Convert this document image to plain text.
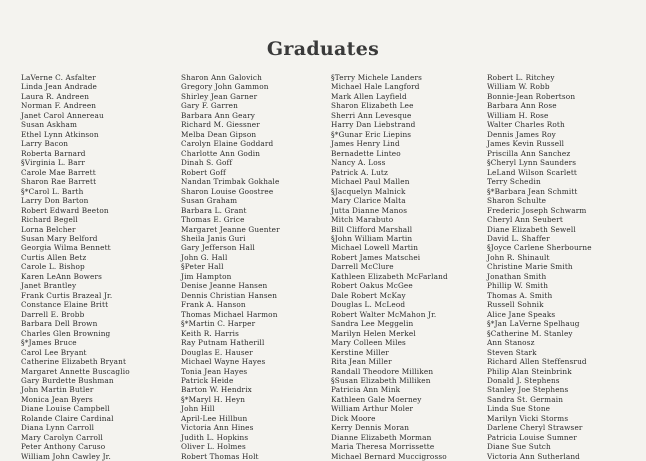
Graduates
LaVerne C. Asfalter
Linda Jean Andrade
Laura R. Andreen
Norman F. Andreen
Janet Carol Annereau
Susan Askham
Ethel Lynn Atkinson
Larry Bacon
Roberta Barnard
§Virginia L. Barr
Carole Mae Barrett
Sharon Rae Barrett
§*Carol L. Barth
Larry Don Barton
Robert Edward Beeton
Richard Begell
Lorna Belcher
Susan Mary Belford
Georgia Wilma Bennett
Curtis Allen Betz
Carole L. Bishop
Karen LeAnn Bowers
Janet Brantley
Frank Curtis Brazeal Jr.
Constance Elaine Britt
Darrell E. Brobb
Barbara Dell Brown
Charles Glen Browning
§*James Bruce
Carol Lee Bryant
Catherine Elizabeth Bryant
Margaret Annette Buscaglio
Gary Burdette Bushman
John Martin Butler
Monica Jean Byers
Diane Louise Campbell
Rolande Claire Cardinal
Diana Lynn Carroll
Mary Carolyn Carroll
Peter Anthony Caruso
William John Cawley Jr.
Sharon Ann Galovich
Gregory John Gammon
Shirley Jean Garner
Gary F. Garren
Barbara Ann Geary
Richard M. Giessner
Melba Dean Gipson
Carolyn Elaine Goddard
Charlotte Ann Godin
Dinah S. Goff
Robert Goff
Nandan Trimbak Gokhale
Sharon Louise Goostree
Susan Graham
Barbara L. Grant
Thomas E. Grice
Margaret Jeanne Guenter
Sheila Janis Guri
Gary Jefferson Hall
John G. Hall
§Peter Hall
Jim Hampton
Denise Jeanne Hansen
Dennis Christian Hansen
Frank A. Hanson
Thomas Michael Harmon
§*Martin C. Harper
Keith R. Harris
Ray Putnam Hatherill
Douglas E. Hauser
Michael Wayne Hayes
Tonia Jean Hayes
Patrick Heide
Barton W. Hendrix
§*Maryl H. Heyn
John Hill
April-Lee Hillbun
Victoria Ann Hines
Judith L. Hopkins
Oliver L. Holmes
Robert Thomas Holt
§Terry Michele Landers
Michael Hale Langford
Mark Allen Layfield
Sharon Elizabeth Lee
Sherri Ann Levesque
Harry Dan Liebstrand
§*Gunar Eric Liepins
James Henry Lind
Bernadette Linteo
Nancy A. Loss
Patrick A. Lutz
Michael Paul Mallen
§Jacquelyn Malnick
Mary Clarice Malta
Jutta Dianne Manos
Mitch Marabuto
Bill Clifford Marshall
§John William Martin
Michael Lowell Martin
Robert James Matschei
Darrell McClure
Kathleen Elizabeth McFarland
Robert Oakus McGee
Dale Robert McKay
Douglas L. McLeod
Robert Walter McMahon Jr.
Sandra Lee Meggelin
Marilyn Helen Merkel
Mary Colleen Miles
Kerstine Miller
Rita Jean Miller
Randall Theodore Milliken
§Susan Elizabeth Milliken
Patricia Ann Mink
Kathleen Gale Moerney
William Arthur Moler
Dick Moore
Kerry Dennis Moran
Dianne Elizabeth Morman
Maria Theresa Morrissette
Michael Bernard Muccigrosso
Robert L. Ritchey
William W. Robb
Bonnie-Jean Robertson
Barbara Ann Rose
William H. Rose
Walter Charles Roth
Dennis James Roy
James Kevin Russell
Priscilla Ann Sanchez
§Cheryl Lynn Saunders
LeLand Wilson Scarlett
Terry Schedin
§*Barbara Jean Schmitt
Sharon Schulte
Frederic Joseph Schwarm
Cheryl Ann Seubert
Diane Elizabeth Sewell
David L. Shaffer
§Joyce Carlene Sherbourne
John R. Shinault
Christine Marie Smith
Jonathan Smith
Phillip W. Smith
Thomas A. Smith
Russell Sohnik
Alice Jane Speaks
§*Jan LaVerne Spelhaug
§Catherine M. Stanley
Ann Stanosz
Steven Stark
Richard Allen Steffensrud
Philip Alan Steinbrink
Donald J. Stephens
Stanley Joe Stephens
Sandra St. Germain
Linda Sue Stone
Marilyn Vicki Storms
Darlene Cheryl Strawser
Patricia Louise Sumner
Diane Sue Sutch
Victoria Ann Sutherland
